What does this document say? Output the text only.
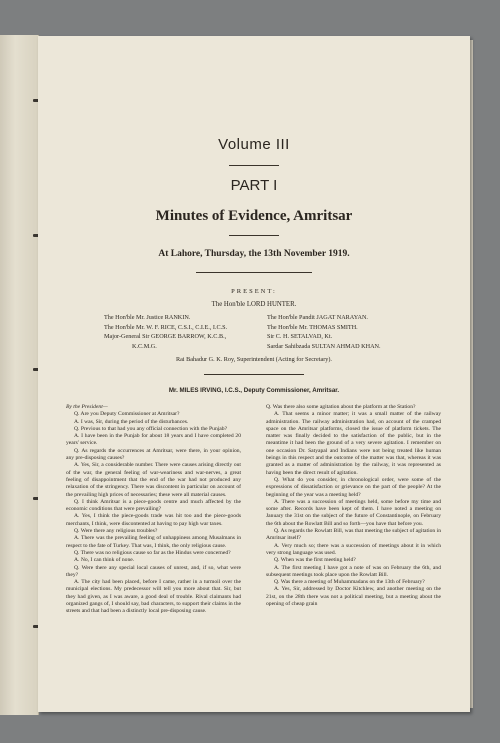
Volume III
PART I
Minutes of Evidence, Amritsar
At Lahore, Thursday, the 13th November 1919.
PRESENT:
The Hon'ble LORD HUNTER.
The Hon'ble Mr. Justice RANKIN.
The Hon'ble Mr. W. F. RICE, C.S.I., C.I.E., I.C.S.
Major-General Sir GEORGE BARROW, K.C.B.,
K.C.M.G.
The Hon'ble Pandit JAGAT NARAYAN.
The Hon'ble Mr. THOMAS SMITH.
Sir C. H. SETALVAD, Kt.
Sardar Sahibzada SULTAN AHMAD KHAN.
Rai Bahadur G. K. Roy, Superintendent (Acting for Secretary).
Mr. MILES IRVING, I.C.S., Deputy Commissioner, Amritsar.

By the President—

Q. Are you Deputy Commissioner at Amritsar?

A. I was, Sir, during the period of the disturbances.

Q. Previous to that had you any official connection with the Punjab?

A. I have been in the Punjab for about 18 years and I have completed 20 years' service.

Q. As regards the occurrences at Amritsar, were there, in your opinion, any pre-disposing causes?

A. Yes, Sir, a considerable number. There were causes arising directly out of the war, the general feeling of war-weariness and war-nerves, a great feeling of disappointment that the end of the war had not produced any relaxation of the stringency. There was discontent in particular on account of the prevailing high prices of necessaries; these were all material causes.

Q. I think Amritsar is a piece-goods centre and much affected by the economic conditions that were prevailing?

A. Yes, I think the piece-goods trade was hit too and the piece-goods merchants, I think, were discontented at having to pay high war taxes.

Q. Were there any religious troubles?

A. There was the prevailing feeling of unhappiness among Musalmans in respect to the fate of Turkey. That was, I think, the only religious cause.

Q. There was no religious cause so far as the Hindus were concerned?

A. No, I can think of none.

Q. Were there any special local causes of unrest, and, if so, what were they?

A. The city had been placed, before I came, rather in a turmoil over the municipal elections. My predecessor will tell you more about that. Sir, but they had given, as I was aware, a good deal of trouble. Rival claimants had organized gangs of, I should say, bad characters, to support their claims in the streets and that had been a distinctly local pre-disposing cause.

Q. Was there also some agitation about the platform at the Station?

A. That seems a minor matter; it was a small matter of the railway administration. The railway administration had, on account of the cramped space on the Amritsar platforms, closed the issue of platform tickets. The matter was finally decided to the satisfaction of the public, but in the meantime it had been the ground of a very severe agitation. I remember on one occasion Dr. Satyapal and Indians were not being treated like human beings in this respect and the outcome of the matter was that, whereas it was granted as a matter of administration by the railway, it was represented as having been the direct result of agitation.

Q. What do you consider, in chronological order, were some of the expressions of dissatisfaction or grievance on the part of the people? At the beginning of the year was a meeting held?

A. There was a succession of meetings held, some before my time and some after. Records have been kept of them. I have noted a meeting on January the 31st on the subject of the future of Constantinople, on February the 6th about the Rowlatt Bill and so forth—you have that before you.

Q. As regards the Rowlatt Bill, was that meeting the subject of agitation in Amritsar itself?

A. Very much so; there was a succession of meetings about it in which very strong language was used.

Q. When was the first meeting held?

A. The first meeting I have got a note of was on February the 6th, and subsequent meetings took place upon the Rowlatt Bill.

Q. Was there a meeting of Muhammadans on the 13th of February?

A. Yes, Sir, addressed by Doctor Kitchlew, and another meeting on the 21st, on the 28th there was not a political meeting, but a meeting about the opening of cheap grain
